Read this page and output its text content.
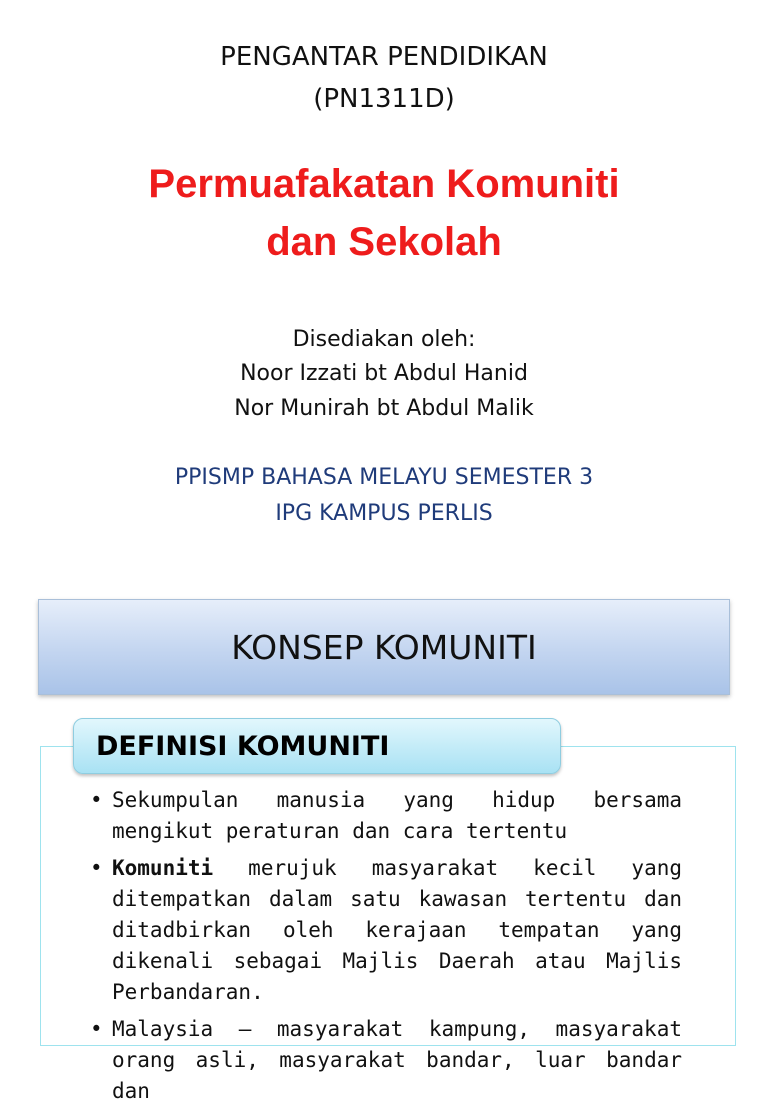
PENGANTAR PENDIDIKAN
(PN1311D)
Permuafakatan Komuniti
dan Sekolah
Disediakan oleh:
Noor Izzati bt Abdul Hanid
Nor Munirah bt Abdul Malik
PPISMP BAHASA MELAYU SEMESTER 3
IPG KAMPUS PERLIS
KONSEP KOMUNITI
DEFINISI KOMUNITI
• Sekumpulan manusia yang hidup bersama mengikut peraturan dan cara tertentu
• Komuniti merujuk masyarakat kecil yang ditempatkan dalam satu kawasan tertentu dan ditadbirkan oleh kerajaan tempatan yang dikenali sebagai Majlis Daerah atau Majlis Perbandaran.
• Malaysia – masyarakat kampung, masyarakat orang asli, masyarakat bandar, luar bandar dan
